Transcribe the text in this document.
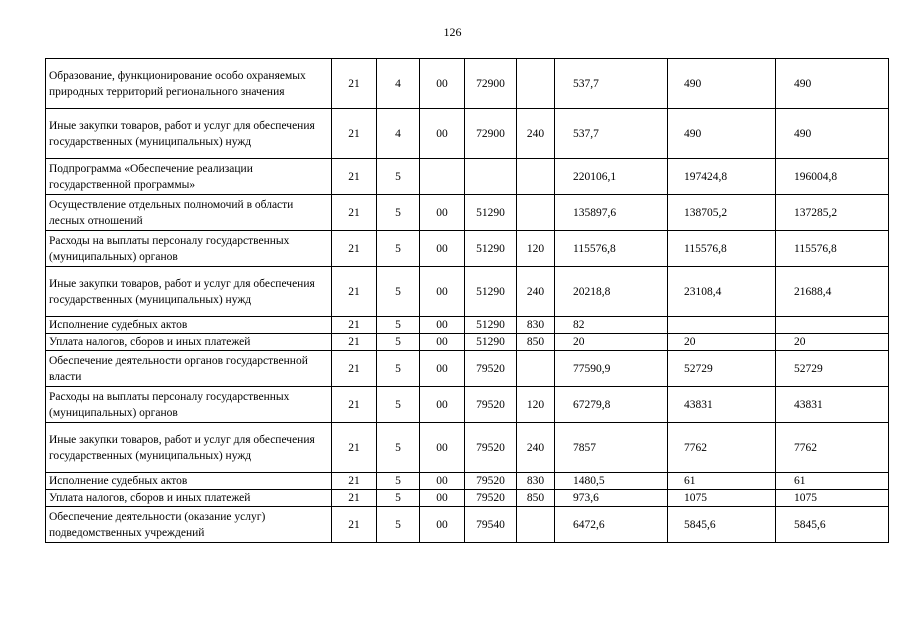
126
Образование, функционирование особо охраняемых природных территорий регионального значения	21	4	00	72900		537,7	490	490
Иные закупки товаров, работ и услуг для обеспечения государственных (муниципальных) нужд	21	4	00	72900	240	537,7	490	490
Подпрограмма «Обеспечение реализации государственной программы»	21	5				220106,1	197424,8	196004,8
Осуществление отдельных полномочий в области лесных отношений	21	5	00	51290		135897,6	138705,2	137285,2
Расходы на выплаты персоналу государственных (муниципальных) органов	21	5	00	51290	120	115576,8	115576,8	115576,8
Иные закупки товаров, работ и услуг для обеспечения государственных (муниципальных) нужд	21	5	00	51290	240	20218,8	23108,4	21688,4
Исполнение судебных актов	21	5	00	51290	830	82		
Уплата налогов, сборов и иных платежей	21	5	00	51290	850	20	20	20
Обеспечение деятельности органов государственной власти	21	5	00	79520		77590,9	52729	52729
Расходы на выплаты персоналу государственных (муниципальных) органов	21	5	00	79520	120	67279,8	43831	43831
Иные закупки товаров, работ и услуг для обеспечения государственных (муниципальных) нужд	21	5	00	79520	240	7857	7762	7762
Исполнение судебных актов	21	5	00	79520	830	1480,5	61	61
Уплата налогов, сборов и иных платежей	21	5	00	79520	850	973,6	1075	1075
Обеспечение деятельности (оказание услуг) подведомственных учреждений	21	5	00	79540		6472,6	5845,6	5845,6
